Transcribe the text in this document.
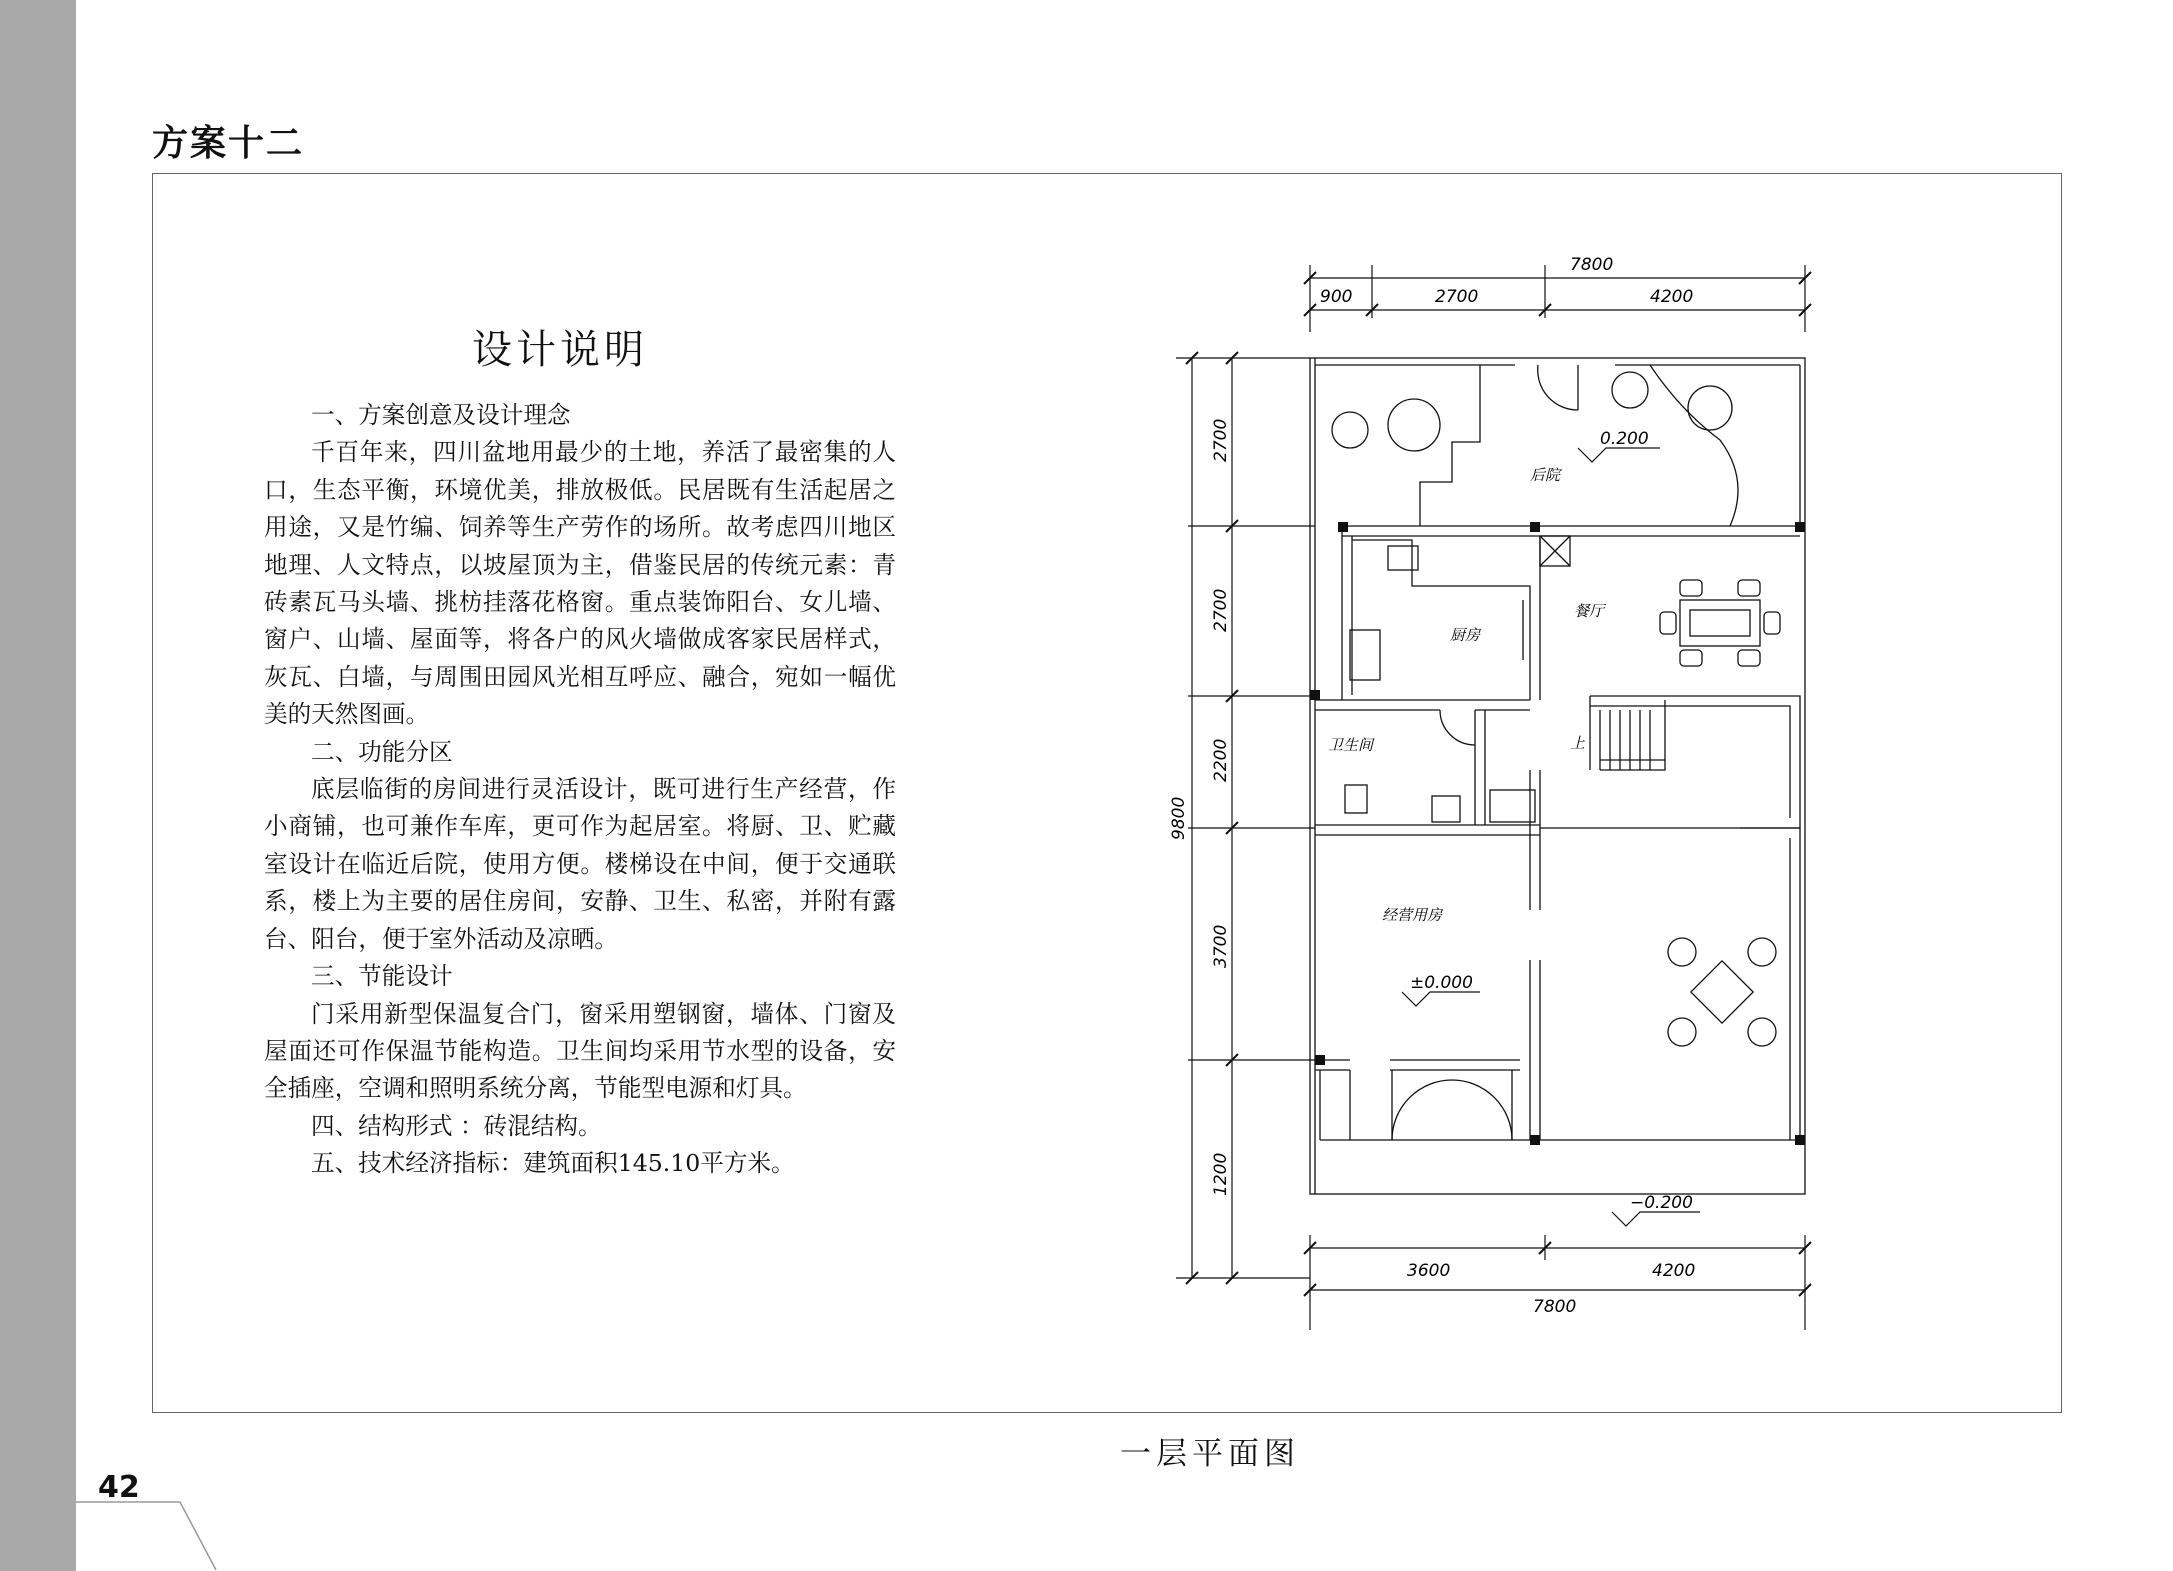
42
方案十二
设计说明

一、方案创意及设计理念

千百年来，四川盆地用最少的土地，养活了最密集的人口，生态平衡，环境优美，排放极低。民居既有生活起居之用途，又是竹编、饲养等生产劳作的场所。故考虑四川地区地理、人文特点，以坡屋顶为主，借鉴民居的传统元素：青砖素瓦马头墙、挑枋挂落花格窗。重点装饰阳台、女儿墙、窗户、山墙、屋面等，将各户的风火墙做成客家民居样式，灰瓦、白墙，与周围田园风光相互呼应、融合，宛如一幅优美的天然图画。

二、功能分区

底层临街的房间进行灵活设计，既可进行生产经营，作小商铺，也可兼作车库，更可作为起居室。将厨、卫、贮藏室设计在临近后院，使用方便。楼梯设在中间，便于交通联系，楼上为主要的居住房间，安静、卫生、私密，并附有露台、阳台，便于室外活动及凉晒。

三、节能设计

门采用新型保温复合门，窗采用塑钢窗，墙体、门窗及屋面还可作保温节能构造。卫生间均采用节水型的设备，安全插座，空调和照明系统分离，节能型电源和灯具。

四、结构形式 ：砖混结构。

五、技术经济指标：建筑面积145.10平方米。

7800
900	2700	4200
9800
2700
2700
2200
3700
1200
3600	4200
7800
0.200
±0.000
−0.200
后院
厨房
餐厅
卫生间
经营用房
上
一层平面图
